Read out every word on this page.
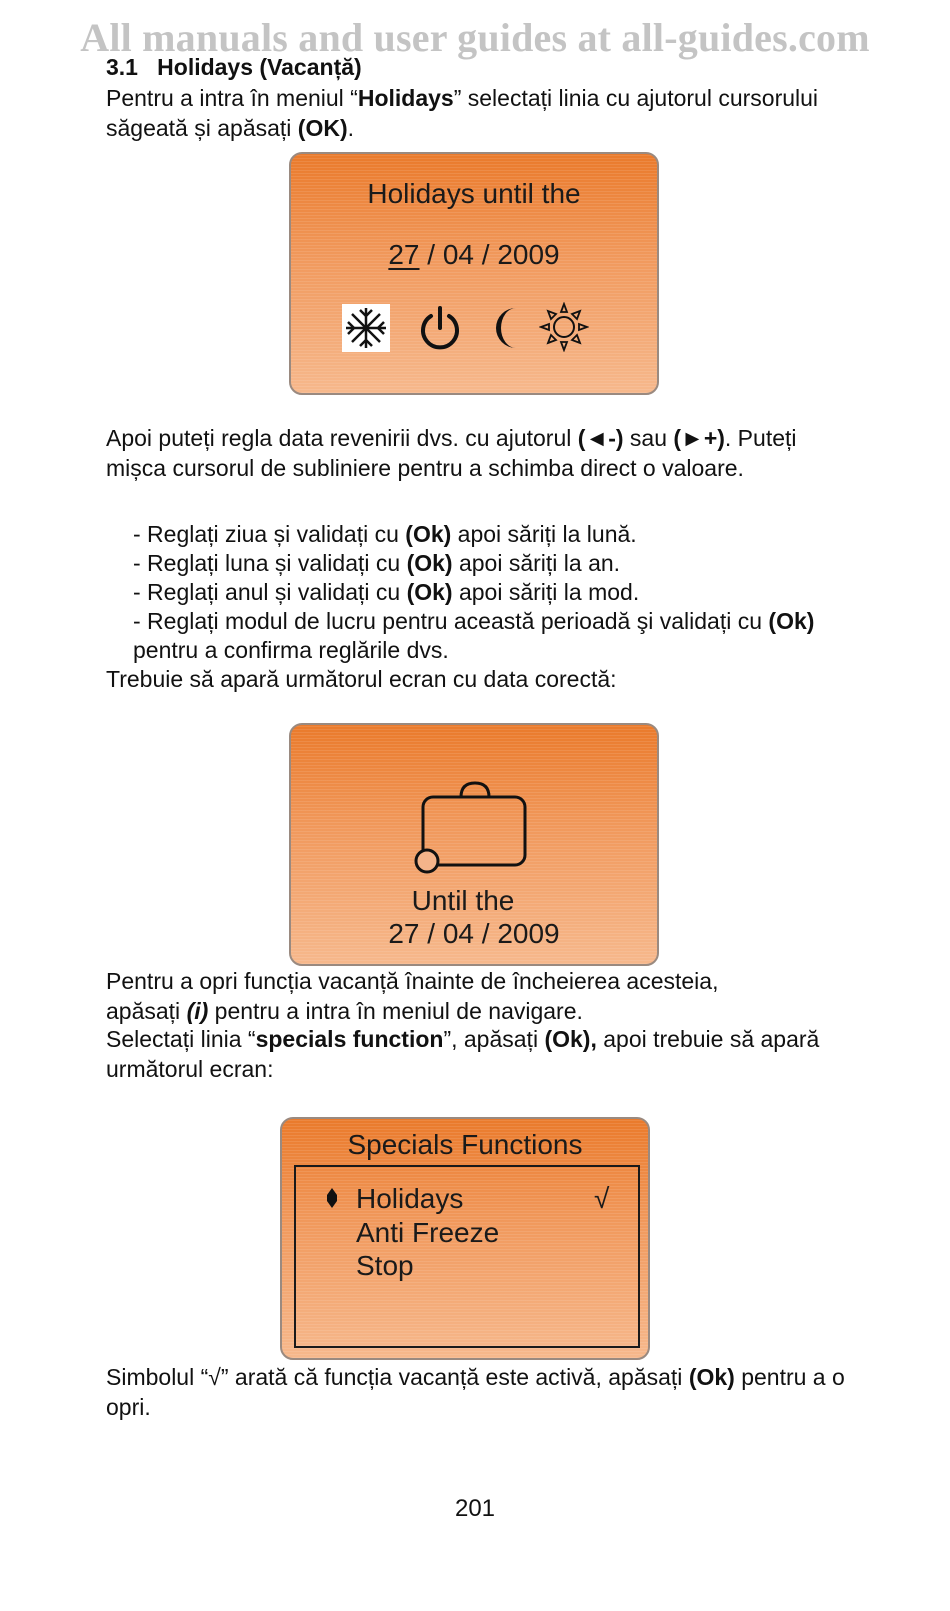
All manuals and user guides at all-guides.com
3.1 Holidays (Vacanță)
Pentru a intra în meniul “Holidays” selectați linia cu ajutorul cursorului săgeată și apăsați (OK).
Holidays until the
27 / 04 / 2009
Apoi puteți regla data revenirii dvs. cu ajutorul (◄-) sau (►+). Puteți mișca cursorul de subliniere pentru a schimba direct o valoare.
- Reglați ziua și validați cu (Ok) apoi săriți la lună.
- Reglați luna și validați cu (Ok) apoi săriți la an.
- Reglați anul și validați cu (Ok) apoi săriți la mod.
- Reglați modul de lucru pentru această perioadă şi validați cu (Ok) pentru a confirma reglările dvs.
Trebuie să apară următorul ecran cu data corectă:
Until the
27 / 04 / 2009
Pentru a opri funcția vacanță înainte de încheierea acesteia,
apăsați (i) pentru a intra în meniul de navigare.
Selectați linia “specials function”, apăsați (Ok), apoi trebuie să apară următorul ecran:
Specials Functions
Holidays	√
Anti Freeze
Stop
Simbolul “√” arată că funcția vacanță este activă, apăsați (Ok) pentru a o opri.
201
